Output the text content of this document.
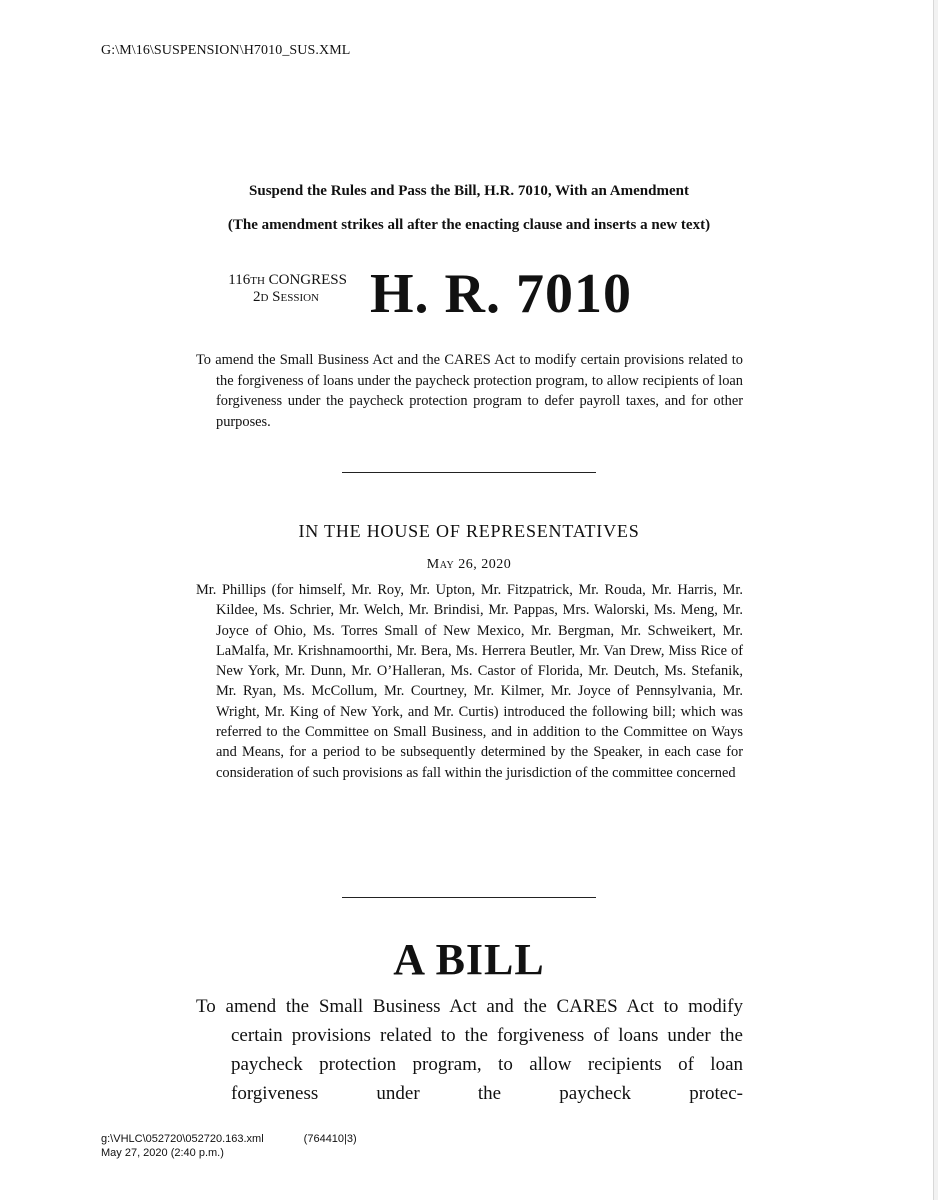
G:\M\16\SUSPENSION\H7010_SUS.XML
Suspend the Rules and Pass the Bill, H.R. 7010, With an Amendment
(The amendment strikes all after the enacting clause and inserts a new text)
116th CONGRESS
2d Session H. R. 7010

To amend the Small Business Act and the CARES Act to modify certain provisions related to the forgiveness of loans under the paycheck protection program, to allow recipients of loan forgiveness under the paycheck protection program to defer payroll taxes, and for other purposes.

IN THE HOUSE OF REPRESENTATIVES
May 26, 2020

Mr. Phillips (for himself, Mr. Roy, Mr. Upton, Mr. Fitzpatrick, Mr. Rouda, Mr. Harris, Mr. Kildee, Ms. Schrier, Mr. Welch, Mr. Brindisi, Mr. Pappas, Mrs. Walorski, Ms. Meng, Mr. Joyce of Ohio, Ms. Torres Small of New Mexico, Mr. Bergman, Mr. Schweikert, Mr. LaMalfa, Mr. Krishnamoorthi, Mr. Bera, Ms. Herrera Beutler, Mr. Van Drew, Miss Rice of New York, Mr. Dunn, Mr. O’Halleran, Ms. Castor of Florida, Mr. Deutch, Ms. Stefanik, Mr. Ryan, Ms. McCollum, Mr. Courtney, Mr. Kilmer, Mr. Joyce of Pennsylvania, Mr. Wright, Mr. King of New York, and Mr. Curtis) introduced the following bill; which was referred to the Committee on Small Business, and in addition to the Committee on Ways and Means, for a period to be subsequently determined by the Speaker, in each case for consideration of such provisions as fall within the jurisdiction of the committee concerned

A BILL

To amend the Small Business Act and the CARES Act to modify certain provisions related to the forgiveness of loans under the paycheck protection program, to allow recipients of loan forgiveness under the paycheck protec-

g:\VHLC\052720\052720.163.xml	(764410|3)
May 27, 2020 (2:40 p.m.)
